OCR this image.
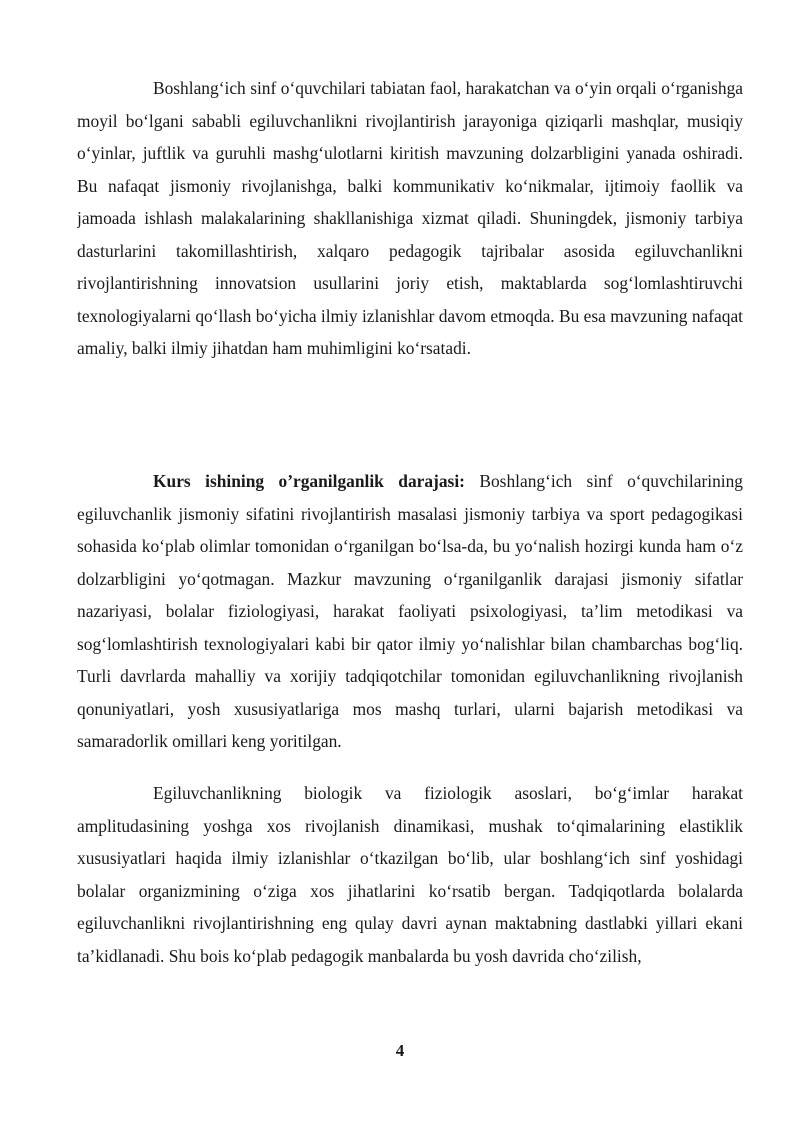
Boshlang‘ich sinf o‘quvchilari tabiatan faol, harakatchan va o‘yin orqali o‘rganishga moyil bo‘lgani sababli egiluvchanlikni rivojlantirish jarayoniga qiziqarli mashqlar, musiqiy o‘yinlar, juftlik va guruhli mashg‘ulotlarni kiritish mavzuning dolzarbligini yanada oshiradi. Bu nafaqat jismoniy rivojlanishga, balki kommunikativ ko‘nikmalar, ijtimoiy faollik va jamoada ishlash malakalarining shakllanishiga xizmat qiladi. Shuningdek, jismoniy tarbiya dasturlarini takomillashtirish, xalqaro pedagogik tajribalar asosida egiluvchanlikni rivojlantirishning innovatsion usullarini joriy etish, maktablarda sog‘lomlashtiruvchi texnologiyalarni qo‘llash bo‘yicha ilmiy izlanishlar davom etmoqda. Bu esa mavzuning nafaqat amaliy, balki ilmiy jihatdan ham muhimligini ko‘rsatadi.

Kurs ishining o’rganilganlik darajasi: Boshlang‘ich sinf o‘quvchilarining egiluvchanlik jismoniy sifatini rivojlantirish masalasi jismoniy tarbiya va sport pedagogikasi sohasida ko‘plab olimlar tomonidan o‘rganilgan bo‘lsa-da, bu yo‘nalish hozirgi kunda ham o‘z dolzarbligini yo‘qotmagan. Mazkur mavzuning o‘rganilganlik darajasi jismoniy sifatlar nazariyasi, bolalar fiziologiyasi, harakat faoliyati psixologiyasi, ta’lim metodikasi va sog‘lomlashtirish texnologiyalari kabi bir qator ilmiy yo‘nalishlar bilan chambarchas bog‘liq. Turli davrlarda mahalliy va xorijiy tadqiqotchilar tomonidan egiluvchanlikning rivojlanish qonuniyatlari, yosh xususiyatlariga mos mashq turlari, ularni bajarish metodikasi va samaradorlik omillari keng yoritilgan.

Egiluvchanlikning biologik va fiziologik asoslari, bo‘g‘imlar harakat amplitudasining yoshga xos rivojlanish dinamikasi, mushak to‘qimalarining elastiklik xususiyatlari haqida ilmiy izlanishlar o‘tkazilgan bo‘lib, ular boshlang‘ich sinf yoshidagi bolalar organizmining o‘ziga xos jihatlarini ko‘rsatib bergan. Tadqiqotlarda bolalarda egiluvchanlikni rivojlantirishning eng qulay davri aynan maktabning dastlabki yillari ekani ta’kidlanadi. Shu bois ko‘plab pedagogik manbalarda bu yosh davrida cho‘zilish,

4
